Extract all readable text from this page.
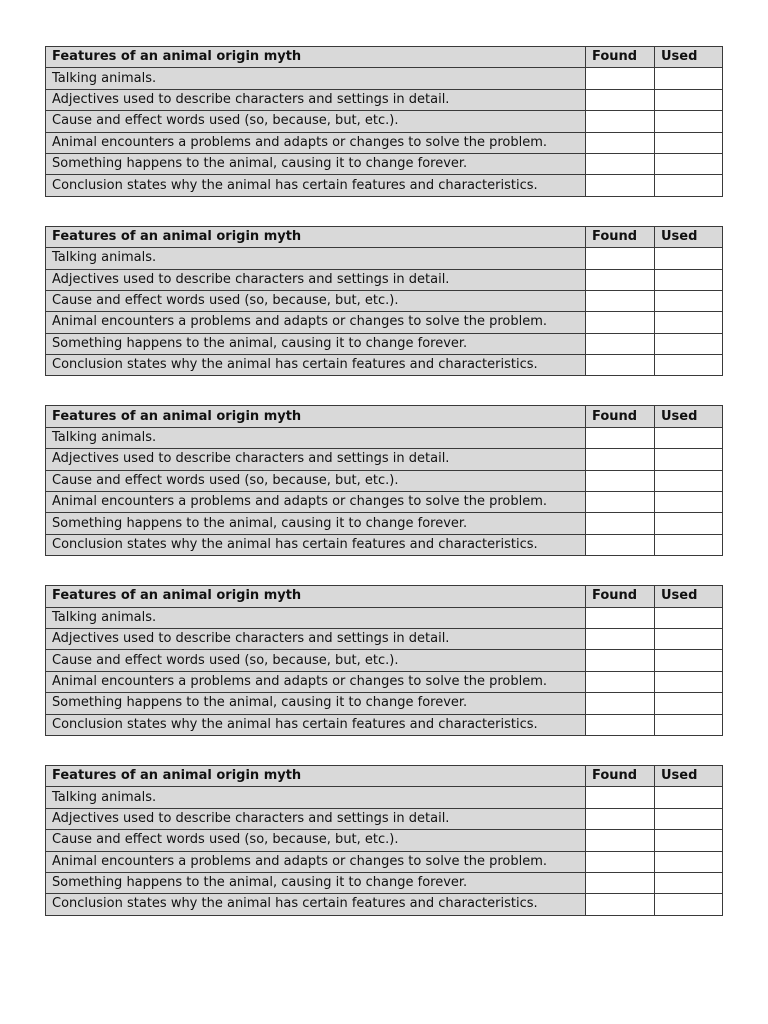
Features of an animal origin myth	Found	Used
Talking animals.		
Adjectives used to describe characters and settings in detail.		
Cause and effect words used (so, because, but, etc.).		
Animal encounters a problems and adapts or changes to solve the problem.		
Something happens to the animal, causing it to change forever.		
Conclusion states why the animal has certain features and characteristics.		
Features of an animal origin myth	Found	Used
Talking animals.		
Adjectives used to describe characters and settings in detail.		
Cause and effect words used (so, because, but, etc.).		
Animal encounters a problems and adapts or changes to solve the problem.		
Something happens to the animal, causing it to change forever.		
Conclusion states why the animal has certain features and characteristics.		
Features of an animal origin myth	Found	Used
Talking animals.		
Adjectives used to describe characters and settings in detail.		
Cause and effect words used (so, because, but, etc.).		
Animal encounters a problems and adapts or changes to solve the problem.		
Something happens to the animal, causing it to change forever.		
Conclusion states why the animal has certain features and characteristics.		
Features of an animal origin myth	Found	Used
Talking animals.		
Adjectives used to describe characters and settings in detail.		
Cause and effect words used (so, because, but, etc.).		
Animal encounters a problems and adapts or changes to solve the problem.		
Something happens to the animal, causing it to change forever.		
Conclusion states why the animal has certain features and characteristics.		
Features of an animal origin myth	Found	Used
Talking animals.		
Adjectives used to describe characters and settings in detail.		
Cause and effect words used (so, because, but, etc.).		
Animal encounters a problems and adapts or changes to solve the problem.		
Something happens to the animal, causing it to change forever.		
Conclusion states why the animal has certain features and characteristics.		
